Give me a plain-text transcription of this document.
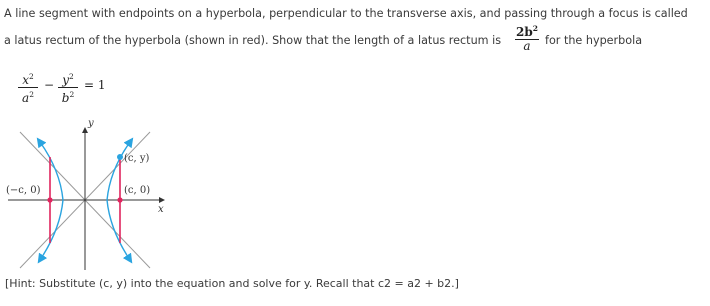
A line segment with endpoints on a hyperbola, perpendicular to the transverse axis, and passing through a focus is called
a latus rectum of the hyperbola (shown in red). Show that the length of a latus rectum is
$2b^2$
a	for the hyperbola
$x^2$
$a^2$
− $y^2$
$b^2$
= 1
y
x
(−c, 0)	(c, 0)
(c, y)
[Hint: Substitute (c, y) into the equation and solve for y. Recall that c2 = a2 + b2.]
